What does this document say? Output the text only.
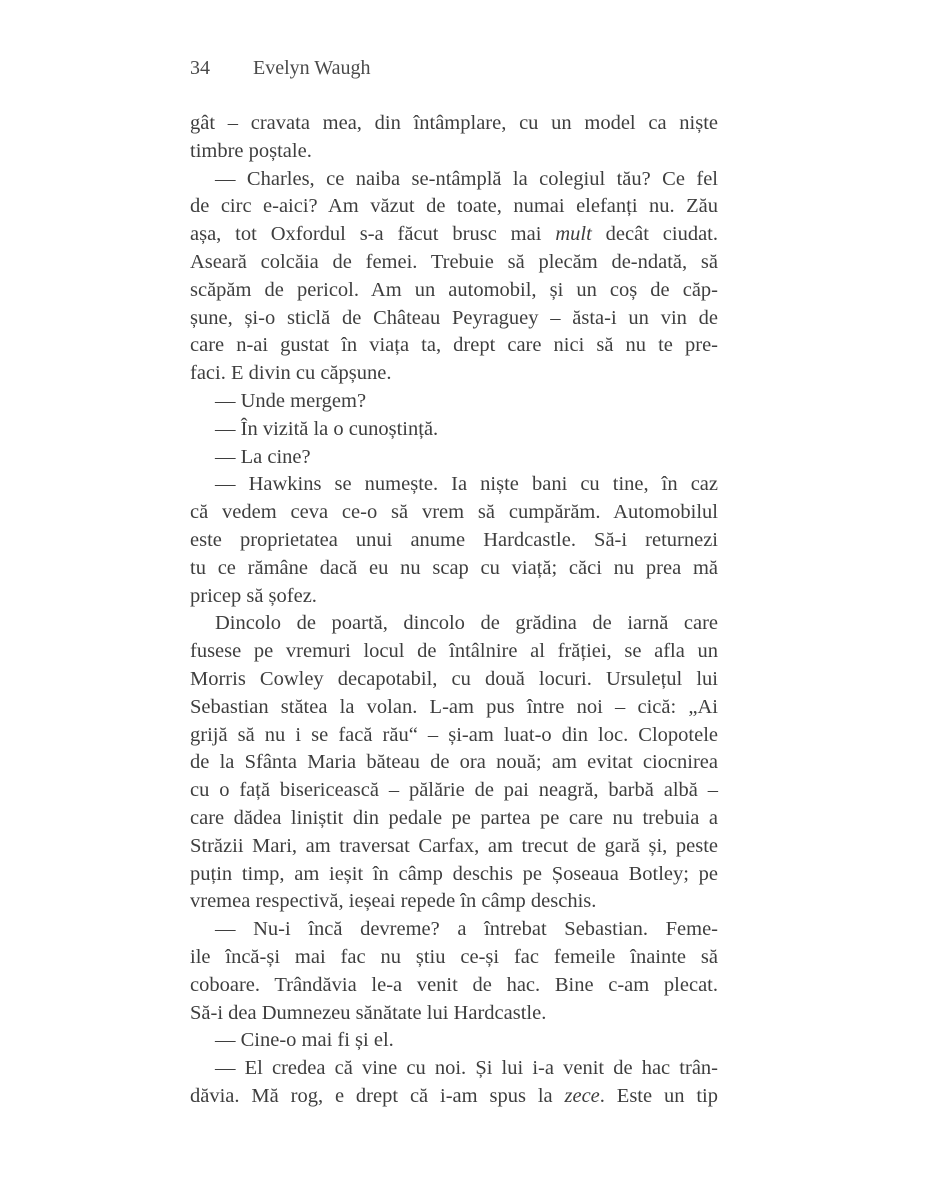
34 Evelyn Waugh
gât – cravata mea, din întâmplare, cu un model ca niște
timbre poștale.
— Charles, ce naiba se-ntâmplă la colegiul tău? Ce fel
de circ e-aici? Am văzut de toate, numai elefanți nu. Zău
așa, tot Oxfordul s-a făcut brusc mai mult decât ciudat.
Aseară colcăia de femei. Trebuie să plecăm de-ndată, să
scăpăm de pericol. Am un automobil, și un coș de căp-
șune, și-o sticlă de Château Peyraguey – ăsta-i un vin de
care n-ai gustat în viața ta, drept care nici să nu te pre-
faci. E divin cu căpșune.
— Unde mergem?
— În vizită la o cunoștință.
— La cine?
— Hawkins se numește. Ia niște bani cu tine, în caz
că vedem ceva ce-o să vrem să cumpărăm. Automobilul
este proprietatea unui anume Hardcastle. Să-i returnezi
tu ce rămâne dacă eu nu scap cu viață; căci nu prea mă
pricep să șofez.
Dincolo de poartă, dincolo de grădina de iarnă care
fusese pe vremuri locul de întâlnire al frăției, se afla un
Morris Cowley decapotabil, cu două locuri. Ursulețul lui
Sebastian stătea la volan. L-am pus între noi – cică: „Ai
grijă să nu i se facă rău“ – și-am luat-o din loc. Clopotele
de la Sfânta Maria băteau de ora nouă; am evitat ciocnirea
cu o față bisericească – pălărie de pai neagră, barbă albă –
care dădea liniștit din pedale pe partea pe care nu trebuia a
Străzii Mari, am traversat Carfax, am trecut de gară și, peste
puțin timp, am ieșit în câmp deschis pe Șoseaua Botley; pe
vremea respectivă, ieșeai repede în câmp deschis.
— Nu-i încă devreme? a întrebat Sebastian. Feme-
ile încă-și mai fac nu știu ce-și fac femeile înainte să
coboare. Trândăvia le-a venit de hac. Bine c-am plecat.
Să-i dea Dumnezeu sănătate lui Hardcastle.
— Cine-o mai fi și el.
— El credea că vine cu noi. Și lui i-a venit de hac trân-
dăvia. Mă rog, e drept că i-am spus la zece. Este un tip
